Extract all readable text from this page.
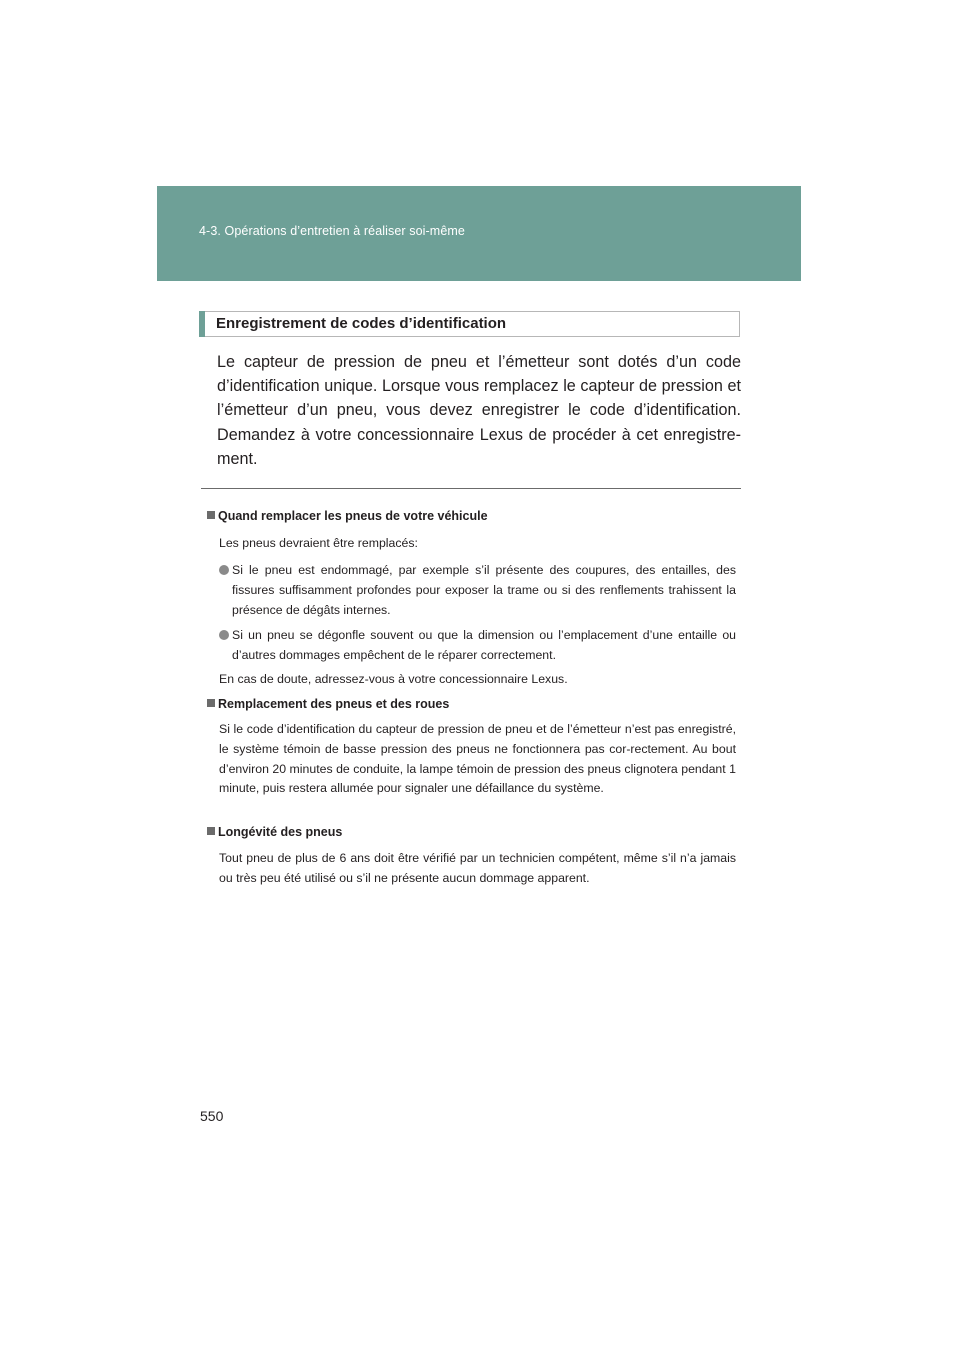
4-3. Opérations d’entretien à réaliser soi-même
Enregistrement de codes d’identification

Le capteur de pression de pneu et l’émetteur sont dotés d’un code d’identification unique. Lorsque vous remplacez le capteur de pression et l’émetteur d’un pneu, vous devez enregistrer le code d’identification. Demandez à votre concessionnaire Lexus de procéder à cet enregistre-ment.

Quand remplacer les pneus de votre véhicule

Les pneus devraient être remplacés:

Si le pneu est endommagé, par exemple s’il présente des coupures, des entailles, des fissures suffisamment profondes pour exposer la trame ou si des renflements trahissent la présence de dégâts internes.
Si un pneu se dégonfle souvent ou que la dimension ou l’emplacement d’une entaille ou d’autres dommages empêchent de le réparer correctement.

En cas de doute, adressez-vous à votre concessionnaire Lexus.

Remplacement des pneus et des roues

Si le code d’identification du capteur de pression de pneu et de l’émetteur n’est pas enregistré, le système témoin de basse pression des pneus ne fonctionnera pas cor-rectement. Au bout d’environ 20 minutes de conduite, la lampe témoin de pression des pneus clignotera pendant 1 minute, puis restera allumée pour signaler une défaillance du système.

Longévité des pneus

Tout pneu de plus de 6 ans doit être vérifié par un technicien compétent, même s’il n’a jamais ou très peu été utilisé ou s’il ne présente aucun dommage apparent.

550
